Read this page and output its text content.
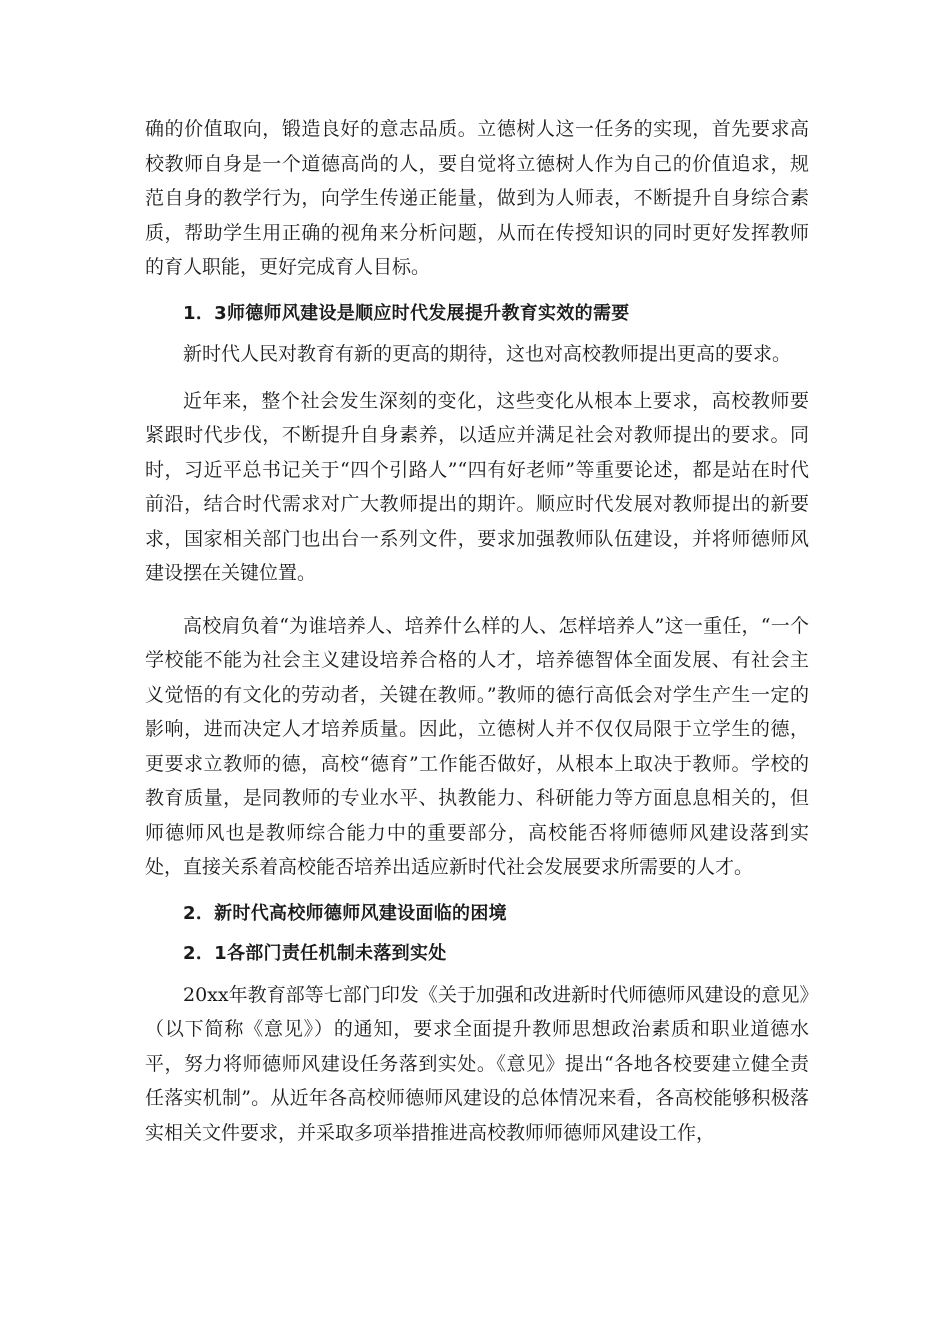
确的价值取向，锻造良好的意志品质。立德树人这一任务的实现，首先要求高校教师自身是一个道德高尚的人，要自觉将立德树人作为自己的价值追求，规范自身的教学行为，向学生传递正能量，做到为人师表，不断提升自身综合素质，帮助学生用正确的视角来分析问题，从而在传授知识的同时更好发挥教师的育人职能，更好完成育人目标。

1．3师德师风建设是顺应时代发展提升教育实效的需要

新时代人民对教育有新的更高的期待，这也对高校教师提出更高的要求。

近年来，整个社会发生深刻的变化，这些变化从根本上要求，高校教师要紧跟时代步伐，不断提升自身素养，以适应并满足社会对教师提出的要求。同时，习近平总书记关于“四个引路人”“四有好老师”等重要论述，都是站在时代前沿，结合时代需求对广大教师提出的期许。顺应时代发展对教师提出的新要求，国家相关部门也出台一系列文件，要求加强教师队伍建设，并将师德师风建设摆在关键位置。

高校肩负着“为谁培养人、培养什么样的人、怎样培养人”这一重任，“一个学校能不能为社会主义建设培养合格的人才，培养德智体全面发展、有社会主义觉悟的有文化的劳动者，关键在教师。”教师的德行高低会对学生产生一定的影响，进而决定人才培养质量。因此，立德树人并不仅仅局限于立学生的德，更要求立教师的德，高校“德育”工作能否做好，从根本上取决于教师。学校的教育质量，是同教师的专业水平、执教能力、科研能力等方面息息相关的，但师德师风也是教师综合能力中的重要部分，高校能否将师德师风建设落到实处，直接关系着高校能否培养出适应新时代社会发展要求所需要的人才。

2．新时代高校师德师风建设面临的困境

2．1各部门责任机制未落到实处

20xx年教育部等七部门印发《关于加强和改进新时代师德师风建设的意见》（以下简称《意见》）的通知，要求全面提升教师思想政治素质和职业道德水平，努力将师德师风建设任务落到实处。《意见》提出“各地各校要建立健全责任落实机制”。从近年各高校师德师风建设的总体情况来看，各高校能够积极落实相关文件要求，并采取多项举措推进高校教师师德师风建设工作，
